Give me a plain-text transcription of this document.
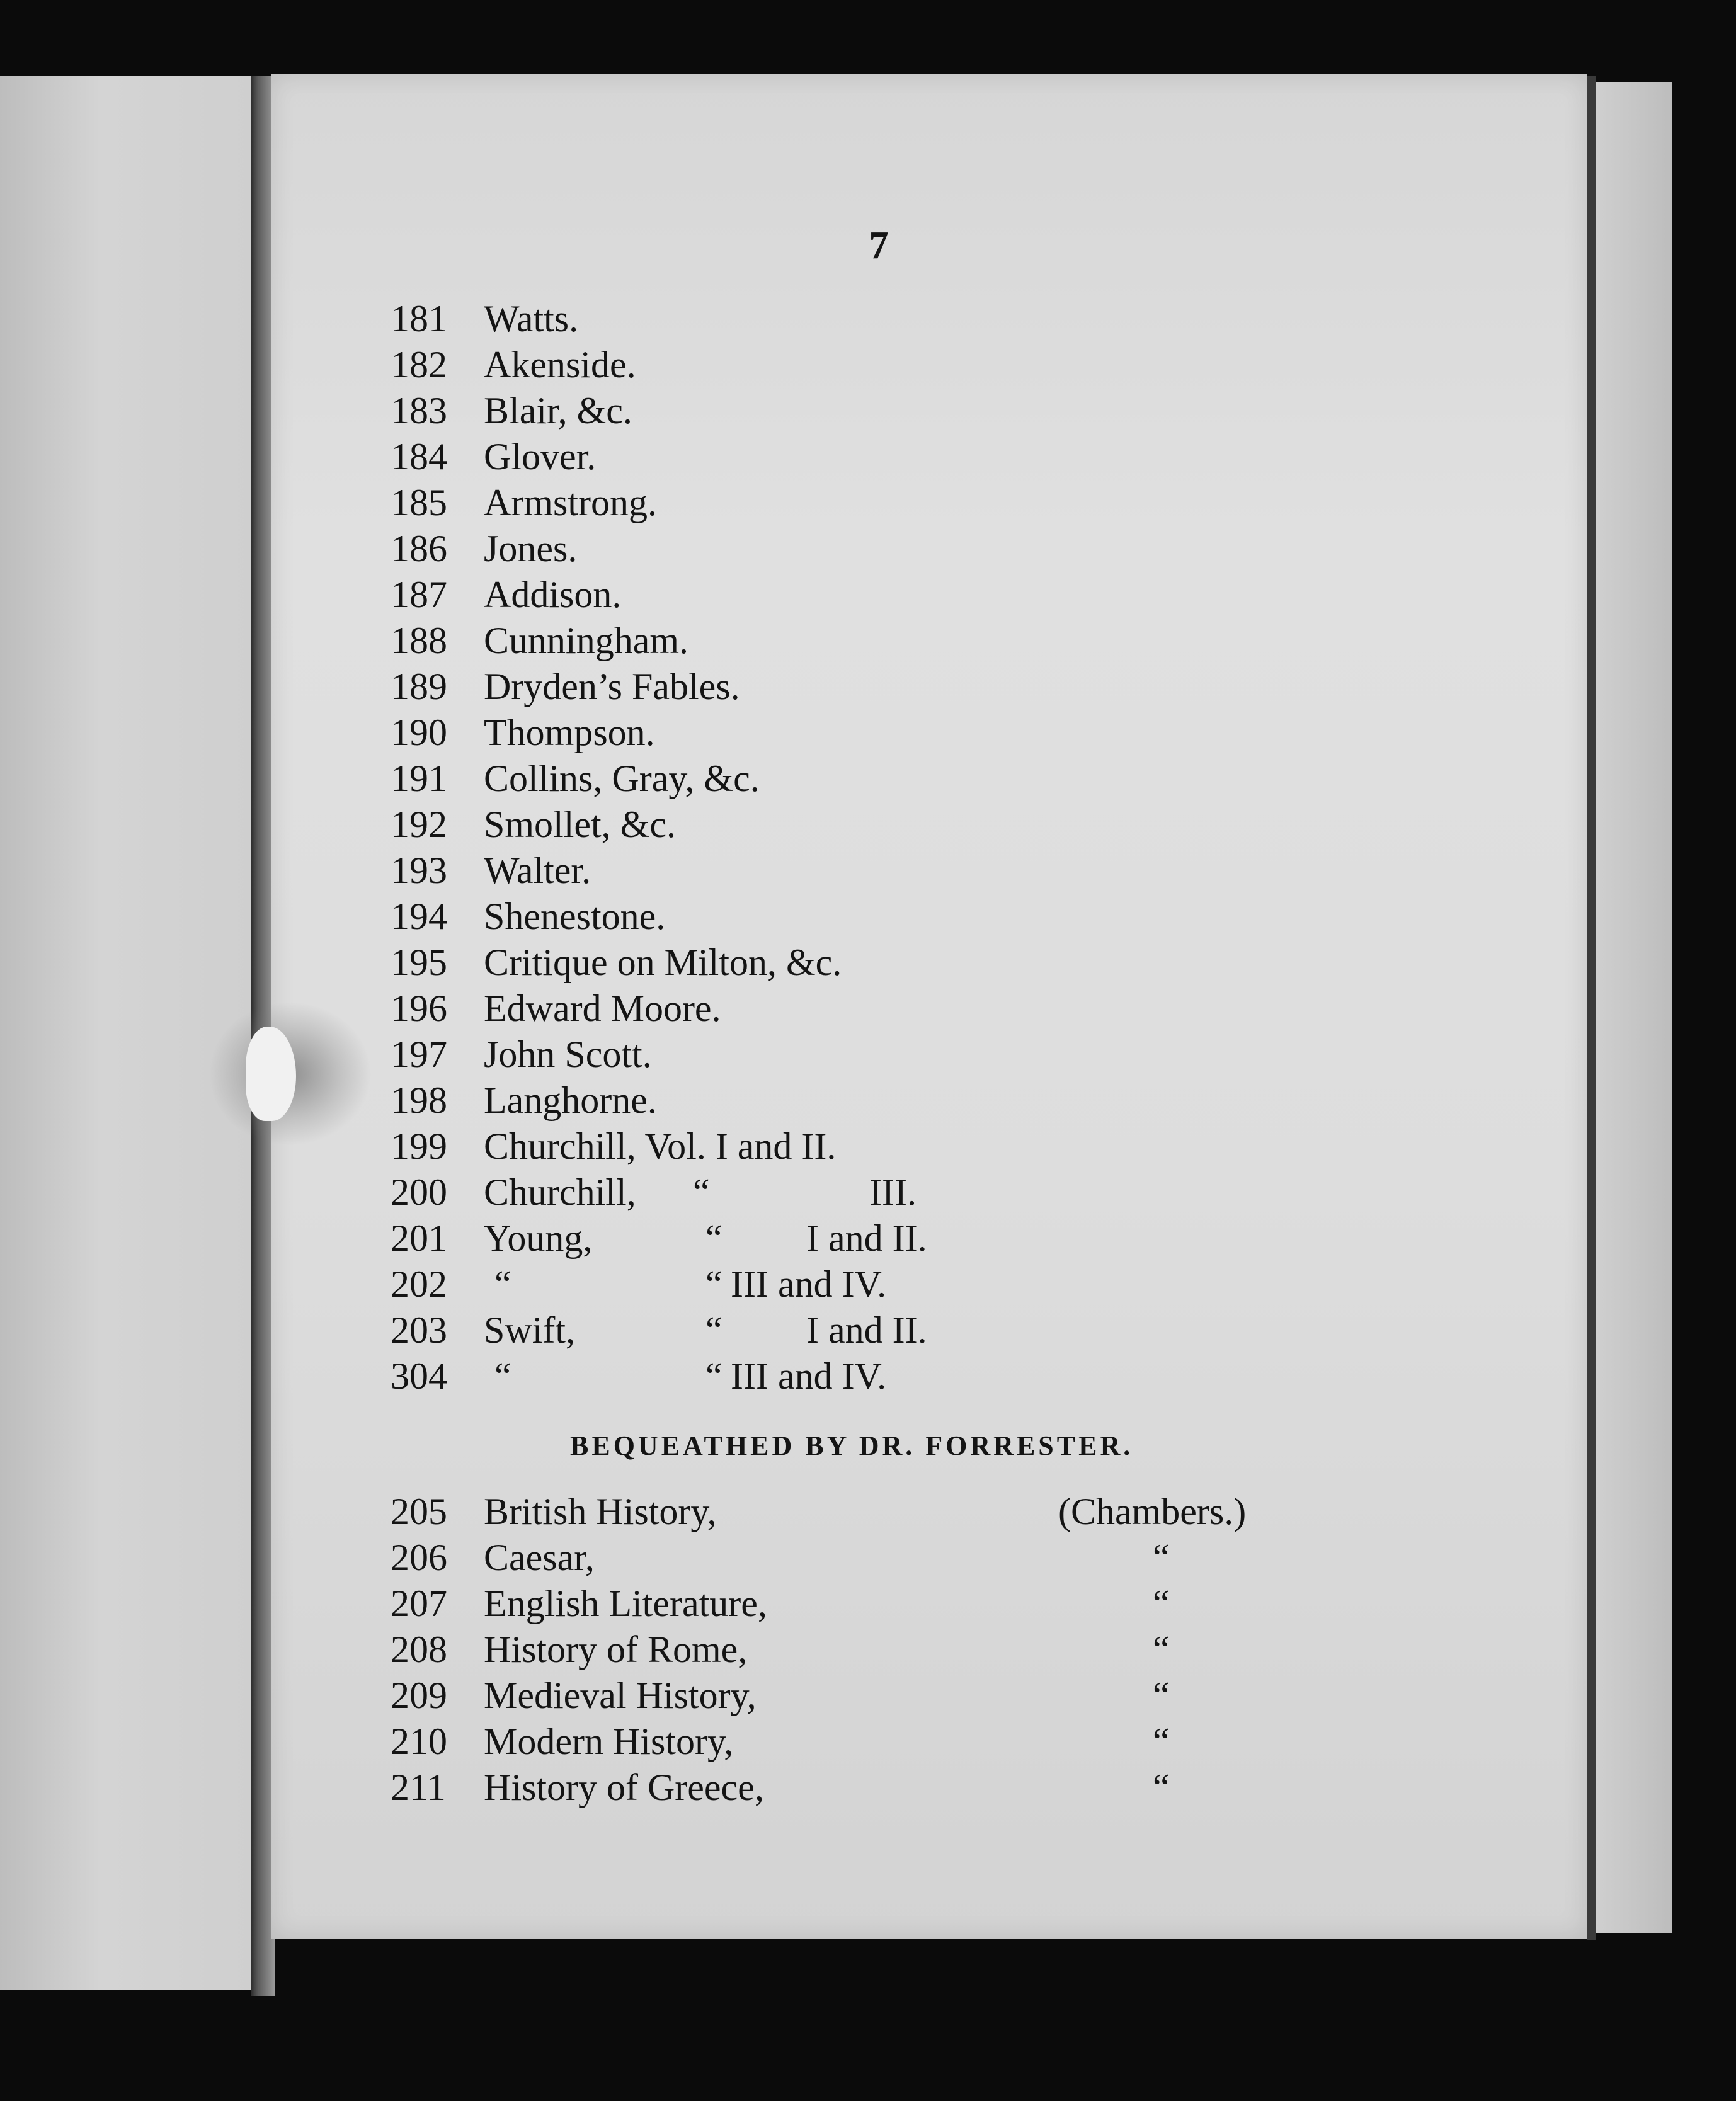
7
181 Watts.
182 Akenside.
183 Blair, &c.
184 Glover.
185 Armstrong.
186 Jones.
187 Addison.
188 Cunningham.
189 Dryden’s Fables.
190 Thompson.
191 Collins, Gray, &c.
192 Smollet, &c.
193 Walter.
194 Shenestone.
195 Critique on Milton, &c.
196 Edward Moore.
197 John Scott.
198 Langhorne.
199 Churchill, Vol. I and II.
200 Churchill, “	III.
201 Young,	“ I and II.
202 “	“ III and IV.
203 Swift,	“ I and II.
304 “	“ III and IV.
BEQUEATHED BY DR. FORRESTER.
205 British History,	(Chambers.)
206 Caesar,	“
207 English Literature,	“
208 History of Rome,	“
209 Medieval History,	“
210 Modern History,	“
211 History of Greece,	“
